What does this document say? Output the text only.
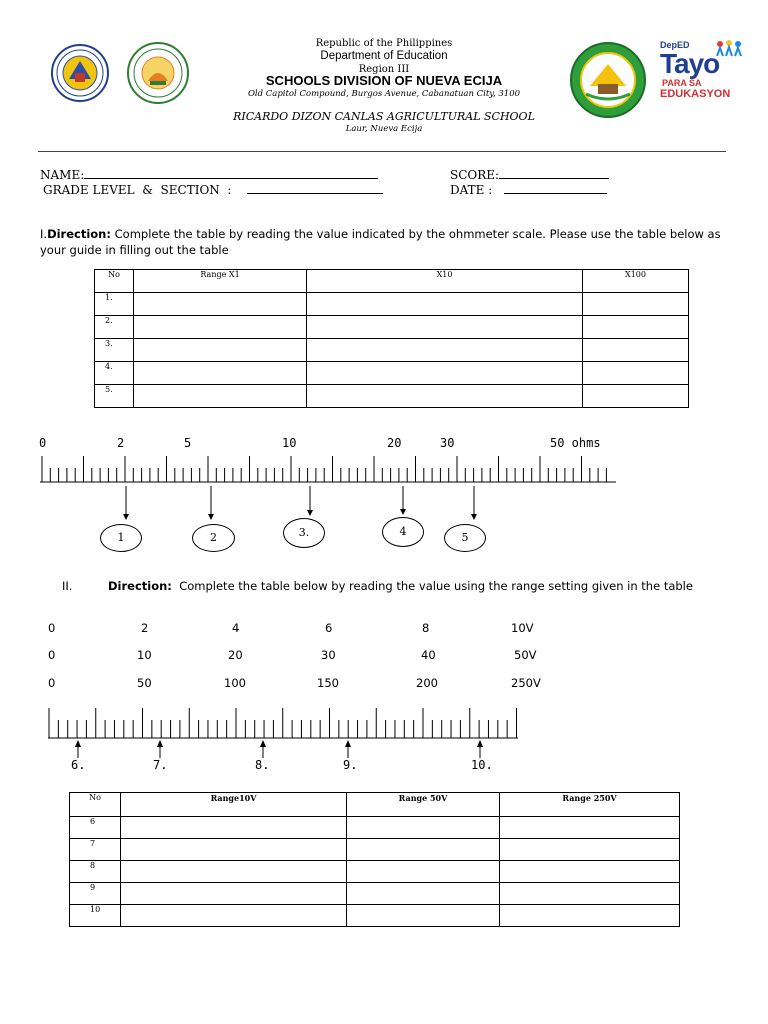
DepED
Tayo
PARA SA
EDUKASYON
Republic of the Philippines
Department of Education
Region III
SCHOOLS DIVISION OF NUEVA ECIJA
Old Capitol Compound, Burgos Avenue, Cabanatuan City, 3100
RICARDO DIZON CANLAS AGRICULTURAL SCHOOL
Laur, Nueva Ecija
NAME:	SCORE:
GRADE LEVEL  &  SECTION  :	DATE :
I.Direction: Complete the table by reading the value indicated by the ohmmeter scale. Please use the table below as your guide in filling out the table
No	Range X1	X10	X100
1.			
2.			
3.			
4.			
5.			
0	2	5	10	20	30	50 ohms
1	2	3.	4	5
II.	Direction: Complete the table below by reading the value using the range setting given in the table
0	2	4	6	8	10V
0	10	20	30	40	50V
0	50	100	150	200	250V
6.	7.	8.	9.	10.
No	Range10V	Range 50V	Range 250V
6			
7			
8			
9			
10			
